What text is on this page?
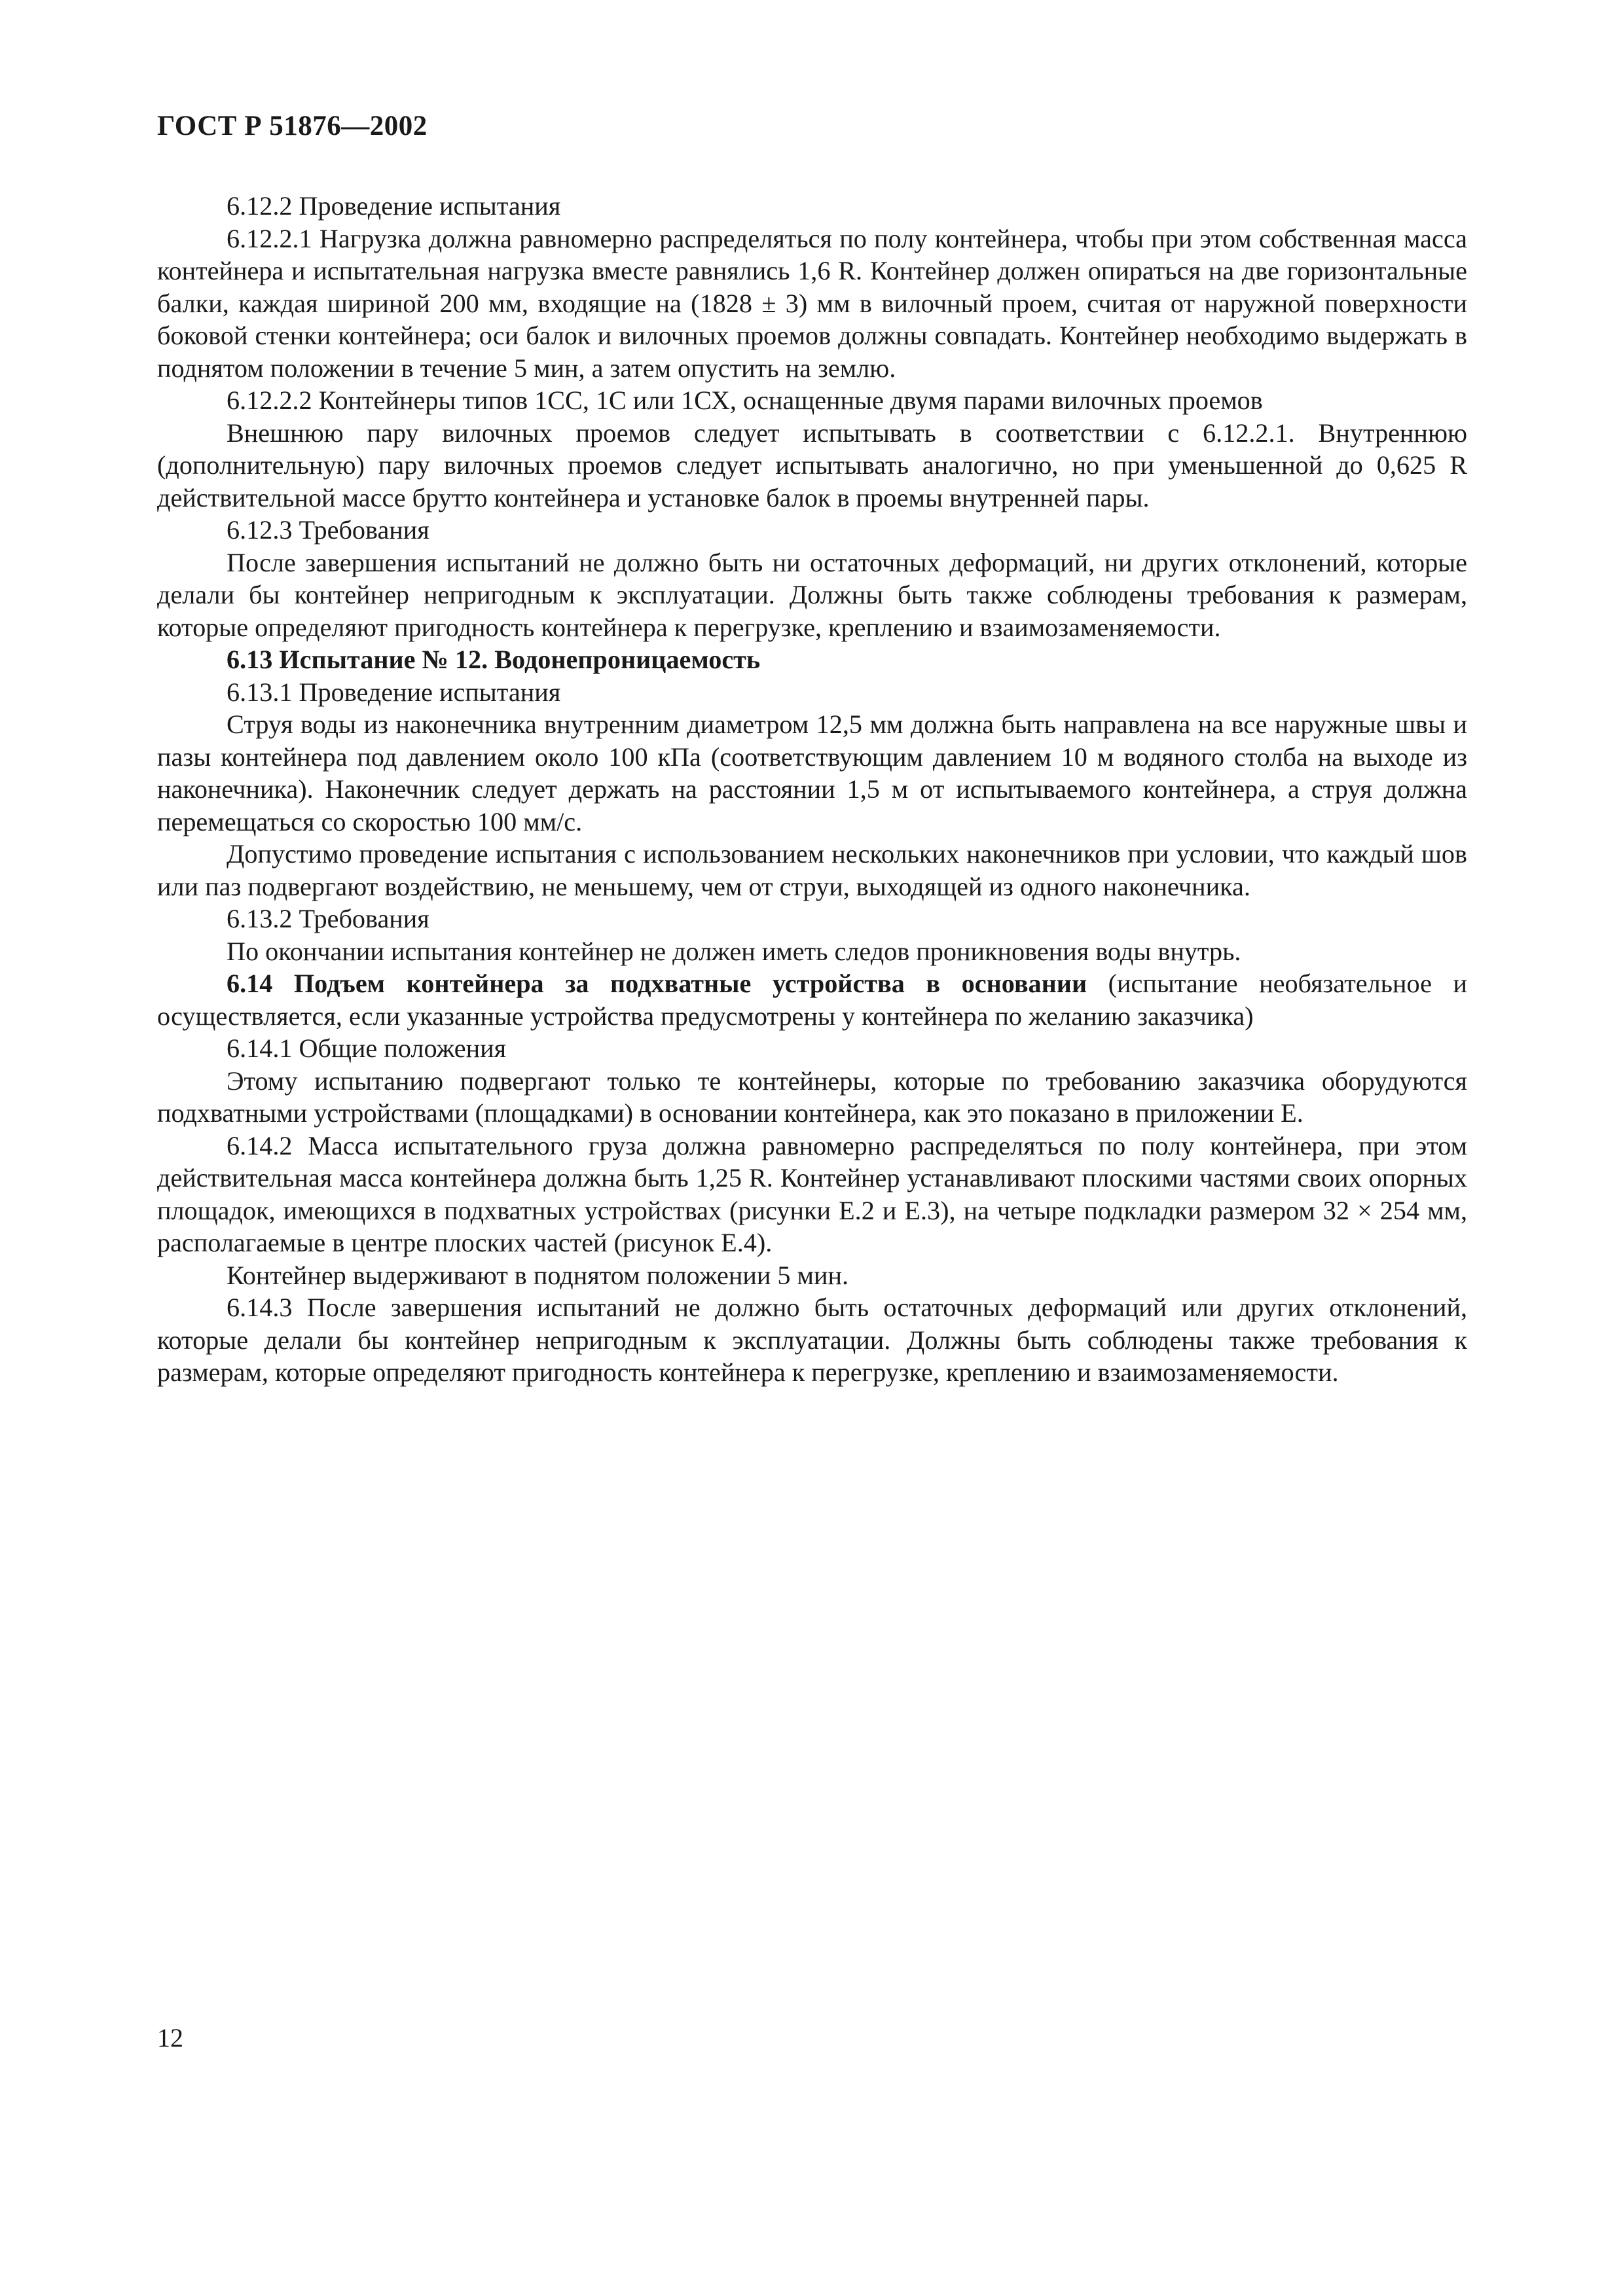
ГОСТ Р 51876—2002

6.12.2 Проведение испытания

6.12.2.1 Нагрузка должна равномерно распределяться по полу контейнера, чтобы при этом собственная масса контейнера и испытательная нагрузка вместе равнялись 1,6 R. Контейнер должен опираться на две горизонтальные балки, каждая шириной 200 мм, входящие на (1828 ± 3) мм в вилочный проем, считая от наружной поверхности боковой стенки контейнера; оси балок и вилочных проемов должны совпадать. Контейнер необходимо выдержать в поднятом положении в течение 5 мин, а затем опустить на землю.

6.12.2.2 Контейнеры типов 1СС, 1С или 1СХ, оснащенные двумя парами вилочных проемов

Внешнюю пару вилочных проемов следует испытывать в соответствии с 6.12.2.1. Внутреннюю (дополнительную) пару вилочных проемов следует испытывать аналогично, но при уменьшенной до 0,625 R действительной массе брутто контейнера и установке балок в проемы внутренней пары.

6.12.3 Требования

После завершения испытаний не должно быть ни остаточных деформаций, ни других отклонений, которые делали бы контейнер непригодным к эксплуатации. Должны быть также соблюдены требования к размерам, которые определяют пригодность контейнера к перегрузке, креплению и взаимозаменяемости.

6.13 Испытание № 12. Водонепроницаемость

6.13.1 Проведение испытания

Струя воды из наконечника внутренним диаметром 12,5 мм должна быть направлена на все наружные швы и пазы контейнера под давлением около 100 кПа (соответствующим давлением 10 м водяного столба на выходе из наконечника). Наконечник следует держать на расстоянии 1,5 м от испытываемого контейнера, а струя должна перемещаться со скоростью 100 мм/с.

Допустимо проведение испытания с использованием нескольких наконечников при условии, что каждый шов или паз подвергают воздействию, не меньшему, чем от струи, выходящей из одного наконечника.

6.13.2 Требования

По окончании испытания контейнер не должен иметь следов проникновения воды внутрь.

6.14 Подъем контейнера за подхватные устройства в основании (испытание необязательное и осуществляется, если указанные устройства предусмотрены у контейнера по желанию заказчика)

6.14.1 Общие положения

Этому испытанию подвергают только те контейнеры, которые по требованию заказчика оборудуются подхватными устройствами (площадками) в основании контейнера, как это показано в приложении Е.

6.14.2 Масса испытательного груза должна равномерно распределяться по полу контейнера, при этом действительная масса контейнера должна быть 1,25 R. Контейнер устанавливают плоскими частями своих опорных площадок, имеющихся в подхватных устройствах (рисунки Е.2 и Е.3), на четыре подкладки размером 32 × 254 мм, располагаемые в центре плоских частей (рисунок Е.4).

Контейнер выдерживают в поднятом положении 5 мин.

6.14.3 После завершения испытаний не должно быть остаточных деформаций или других отклонений, которые делали бы контейнер непригодным к эксплуатации. Должны быть соблюдены также требования к размерам, которые определяют пригодность контейнера к перегрузке, креплению и взаимозаменяемости.

12
